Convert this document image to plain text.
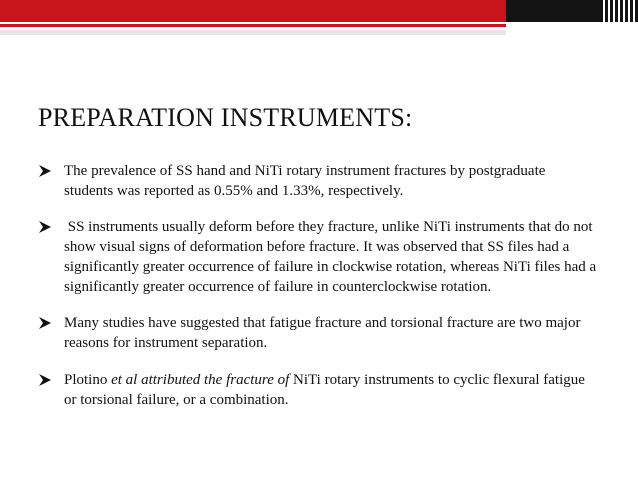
PREPARATION INSTRUMENTS:
The prevalence of SS hand and NiTi rotary instrument fractures by postgraduate students was reported as 0.55% and 1.33%, respectively.
SS instruments usually deform before they fracture, unlike NiTi instruments that do not show visual signs of deformation before fracture. It was observed that SS files had a significantly greater occurrence of failure in clockwise rotation, whereas NiTi files had a significantly greater occurrence of failure in counterclockwise rotation.
Many studies have suggested that fatigue fracture and torsional fracture are two major reasons for instrument separation.
Plotino et al attributed the fracture of NiTi rotary instruments to cyclic flexural fatigue or torsional failure, or a combination.
